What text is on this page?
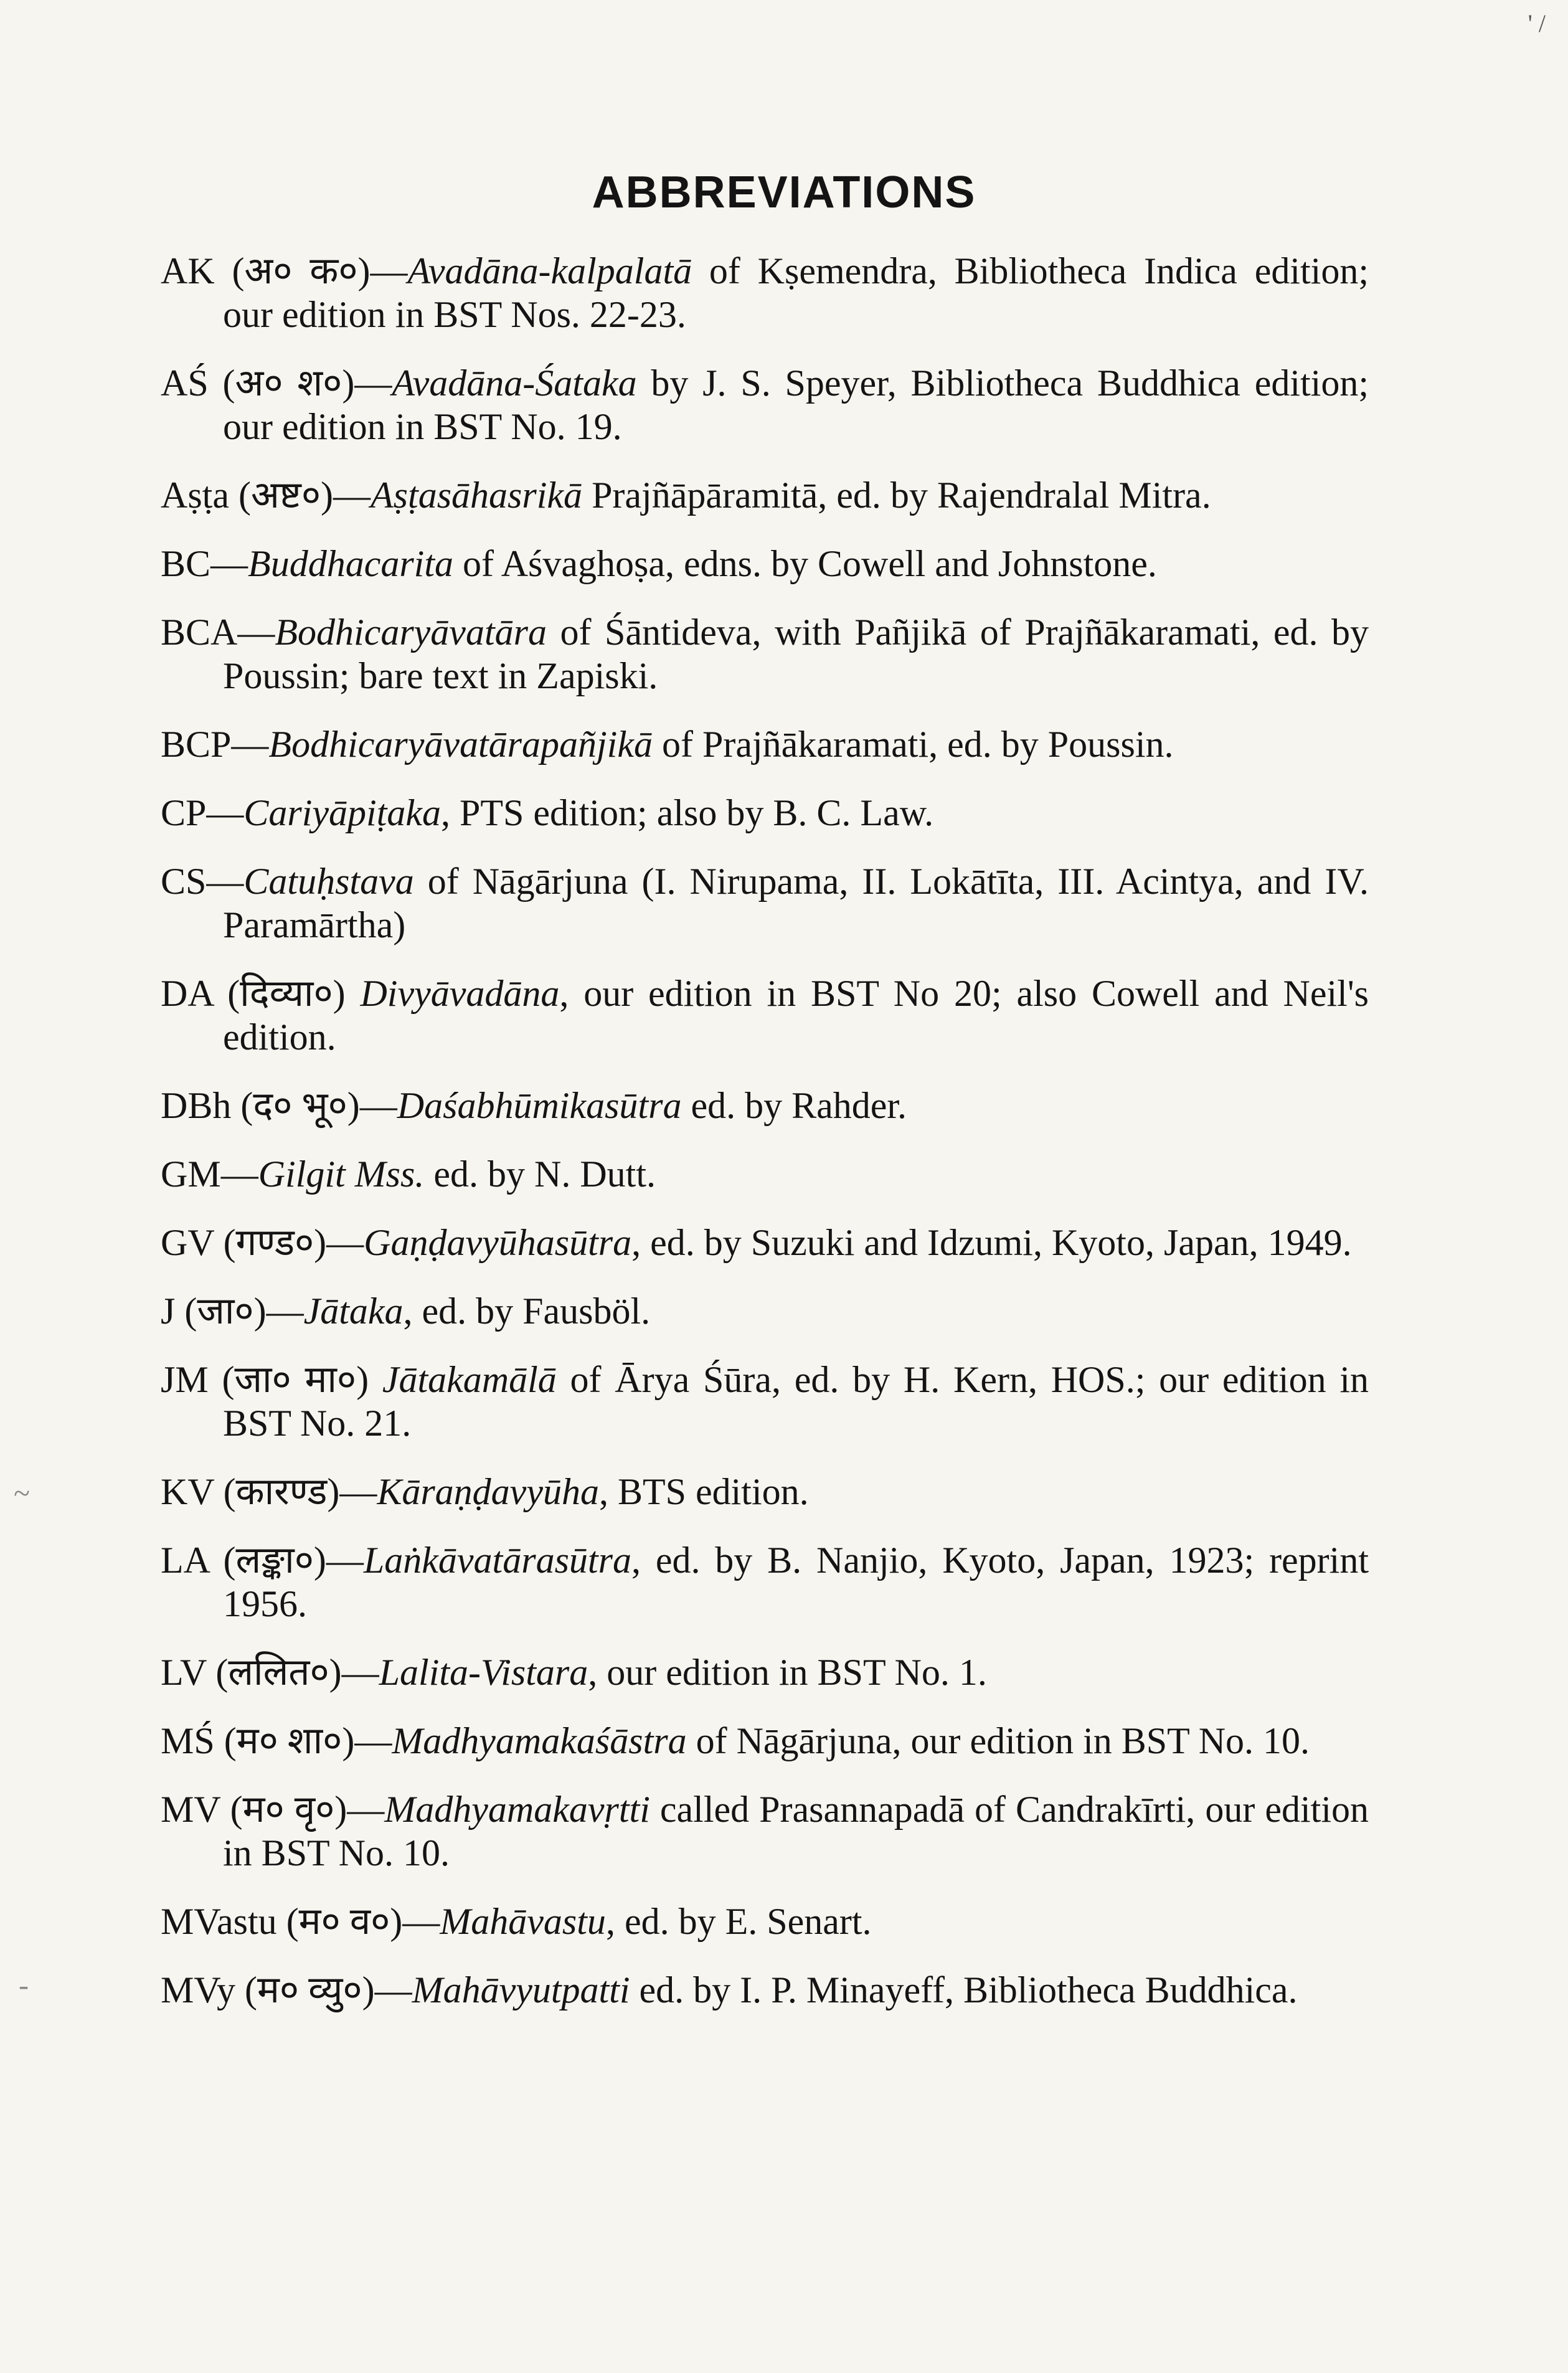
' /
~
-
ABBREVIATIONS
AK (अ० क०)—Avadāna-kalpalatā of Kṣemendra, Bibliotheca Indica edition; our edition in BST Nos. 22-23.
AŚ (अ० श०)—Avadāna-Śataka by J. S. Speyer, Bibliotheca Buddhica edition; our edition in BST No. 19.
Aṣṭa (अष्ट०)—Aṣṭasāhasrikā Prajñāpāramitā, ed. by Rajendralal Mitra.
BC—Buddhacarita of Aśvaghoṣa, edns. by Cowell and Johnstone.
BCA—Bodhicaryāvatāra of Śāntideva, with Pañjikā of Prajñākaramati, ed. by Poussin; bare text in Zapiski.
BCP—Bodhicaryāvatārapañjikā of Prajñākaramati, ed. by Poussin.
CP—Cariyāpiṭaka, PTS edition; also by B. C. Law.
CS—Catuḥstava of Nāgārjuna (I. Nirupama, II. Lokātīta, III. Acintya, and IV. Paramārtha)
DA (दिव्या०) Divyāvadāna, our edition in BST No 20; also Cowell and Neil's edition.
DBh (द० भू०)—Daśabhūmikasūtra ed. by Rahder.
GM—Gilgit Mss. ed. by N. Dutt.
GV (गण्ड०)—Gaṇḍavyūhasūtra, ed. by Suzuki and Idzumi, Kyoto, Japan, 1949.
J (जा०)—Jātaka, ed. by Fausböl.
JM (जा० मा०) Jātakamālā of Ārya Śūra, ed. by H. Kern, HOS.; our edition in BST No. 21.
KV (कारण्ड)—Kāraṇḍavyūha, BTS edition.
LA (लङ्का०)—Laṅkāvatārasūtra, ed. by B. Nanjio, Kyoto, Japan, 1923; reprint 1956.
LV (ललित०)—Lalita-Vistara, our edition in BST No. 1.
MŚ (म० शा०)—Madhyamakaśāstra of Nāgārjuna, our edition in BST No. 10.
MV (म० वृ०)—Madhyamakavṛtti called Prasannapadā of Candrakīrti, our edition in BST No. 10.
MVastu (म० व०)—Mahāvastu, ed. by E. Senart.
MVy (म० व्यु०)—Mahāvyutpatti ed. by I. P. Minayeff, Bibliotheca Buddhica.
